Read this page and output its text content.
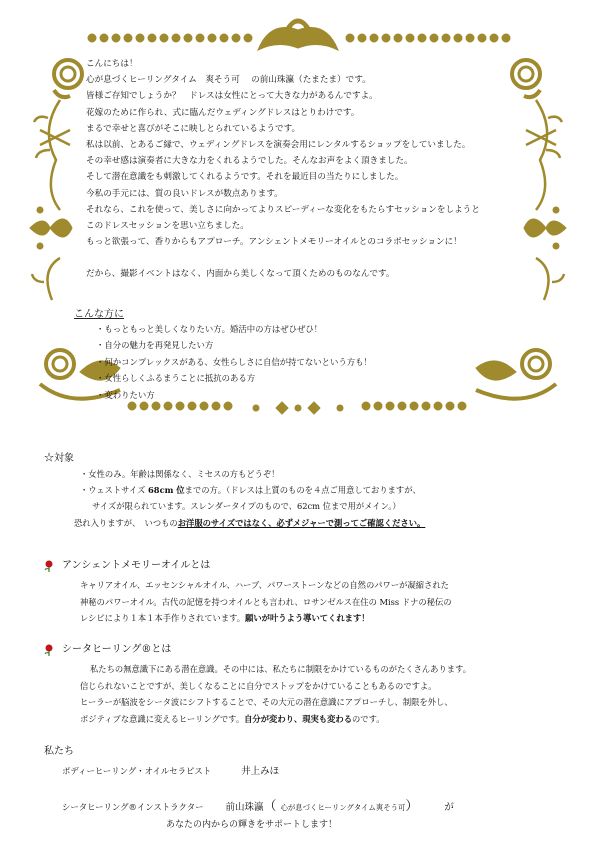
こんにちは！
心が息づくヒーリングタイム　爽そう可　 の前山珠瀛（たまたま）です。
皆様ご存知でしょうか？　ドレスは女性にとって大きな力があるんですよ。
花嫁のために作られ、式に臨んだウェディングドレスはとりわけです。
まるで幸せと喜びがそこに映しとられているようです。
私は以前、とあるご縁で、ウェディングドレスを演奏会用にレンタルするショップをしていました。
その幸せ感は演奏者に大きな力をくれるようでした。そんなお声をよく頂きました。
そして潜在意識をも刺激してくれるようです。それを最近目の当たりにしました。
今私の手元には、質の良いドレスが数点あります。
それなら、これを使って、美しさに向かってよりスピーディーな変化をもたらすセッションをしようと
このドレスセッションを思い立ちました。
もっと欲張って、香りからもアプローチ。アンシェントメモリーオイルとのコラボセッションに！
だから、撮影イベントはなく、内面から美しくなって頂くためのものなんです。
こんな方に
・もっともっと美しくなりたい方。婚活中の方はぜひぜひ！
・自分の魅力を再発見したい方
・何かコンプレックスがある、女性らしさに自信が持てないという方も！
・女性らしくふるまうことに抵抗のある方
・変わりたい方
☆対象
・女性のみ。年齢は関係なく、ミセスの方もどうぞ！
・ウェストサイズ 68cm 位までの方。（ドレスは上質のものを４点ご用意しておりますが、
サイズが限られています。スレンダータイプのもので、62cm 位まで用がメイン。）
恐れ入りますが、　いつものお洋服のサイズではなく、必ずメジャーで測ってご確認ください。
アンシェントメモリーオイルとは
キャリアオイル、エッセンシャルオイル、ハーブ、パワーストーンなどの自然のパワーが凝縮された
神秘のパワーオイル。古代の記憶を持つオイルとも言われ、ロサンゼルス在住の Miss ドナの秘伝の
レシピにより１本１本手作りされています。願いが叶うよう導いてくれます！
シータヒーリング®とは
私たちの無意識下にある潜在意識。その中には、私たちに制限をかけているものがたくさんあります。
信じられないことですが、美しくなることに自分でストップをかけていることもあるのですよ。
ヒーラーが脳波をシータ波にシフトすることで、その大元の潜在意識にアプローチし、制限を外し、
ポジティブな意識に変えるヒーリングです。自分が変わり、現実も変わるのです。
私たち
ボディーヒーリング・オイルセラピスト	井上みほ
シータヒーリング®インストラクター 前山珠瀛（ 心が息づくヒーリングタイム爽そう可）	が
あなたの内からの輝きをサポートします！
